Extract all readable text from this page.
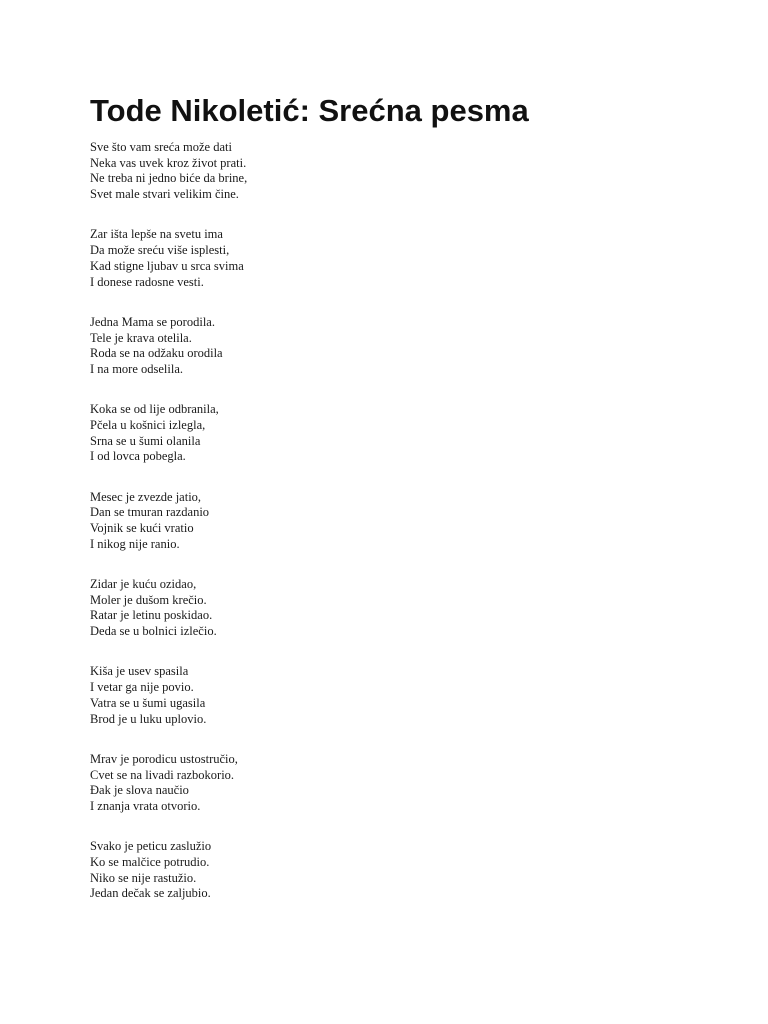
Tode Nikoletić: Srećna pesma
Sve što vam sreća može dati
Neka vas uvek kroz život prati.
Ne treba ni jedno biće da brine,
Svet male stvari velikim čine.
Zar išta lepše na svetu ima
Da može sreću više isplesti,
Kad stigne ljubav u srca svima
I donese radosne vesti.
Jedna Mama se porodila.
Tele je krava otelila.
Roda se na odžaku orodila
I na more odselila.
Koka se od lije odbranila,
Pčela u košnici izlegla,
Srna se u šumi olanila
I od lovca pobegla.
Mesec je zvezde jatio,
Dan se tmuran razdanio
Vojnik se kući vratio
I nikog nije ranio.
Zidar je kuću ozidao,
Moler je dušom krečio.
Ratar je letinu poskidao.
Deda se u bolnici izlečio.
Kiša je usev spasila
I vetar ga nije povio.
Vatra se u šumi ugasila
Brod je u luku uplovio.
Mrav je porodicu ustostručio,
Cvet se na livadi razbokorio.
Đak je slova naučio
I znanja vrata otvorio.
Svako je peticu zaslužio
Ko se malčice potrudio.
Niko se nije rastužio.
Jedan dečak se zaljubio.
